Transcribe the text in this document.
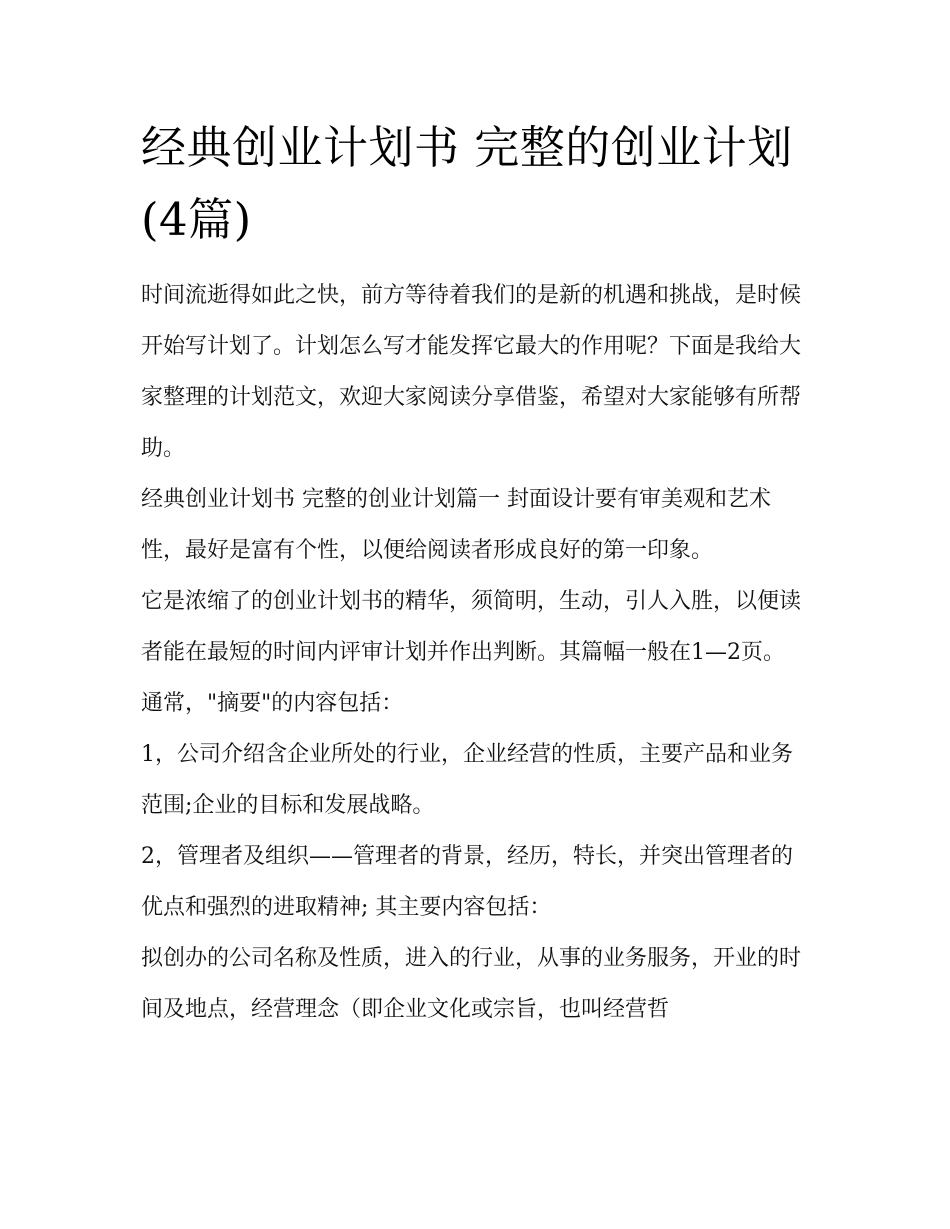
经典创业计划书 完整的创业计划(4篇)

时间流逝得如此之快，前方等待着我们的是新的机遇和挑战，是时候开始写计划了。计划怎么写才能发挥它最大的作用呢？下面是我给大家整理的计划范文，欢迎大家阅读分享借鉴，希望对大家能够有所帮助。

经典创业计划书 完整的创业计划篇一 封面设计要有审美观和艺术性，最好是富有个性，以便给阅读者形成良好的第一印象。

它是浓缩了的创业计划书的精华，须简明，生动，引人入胜，以便读者能在最短的时间内评审计划并作出判断。其篇幅一般在1—2页。 通常，"摘要"的内容包括：

1，公司介绍含企业所处的行业，企业经营的性质，主要产品和业务范围;企业的目标和发展战略。

2，管理者及组织——管理者的背景，经历，特长，并突出管理者的优点和强烈的进取精神; 其主要内容包括：

拟创办的公司名称及性质，进入的行业，从事的业务服务，开业的时间及地点，经营理念（即企业文化或宗旨，也叫经营哲
